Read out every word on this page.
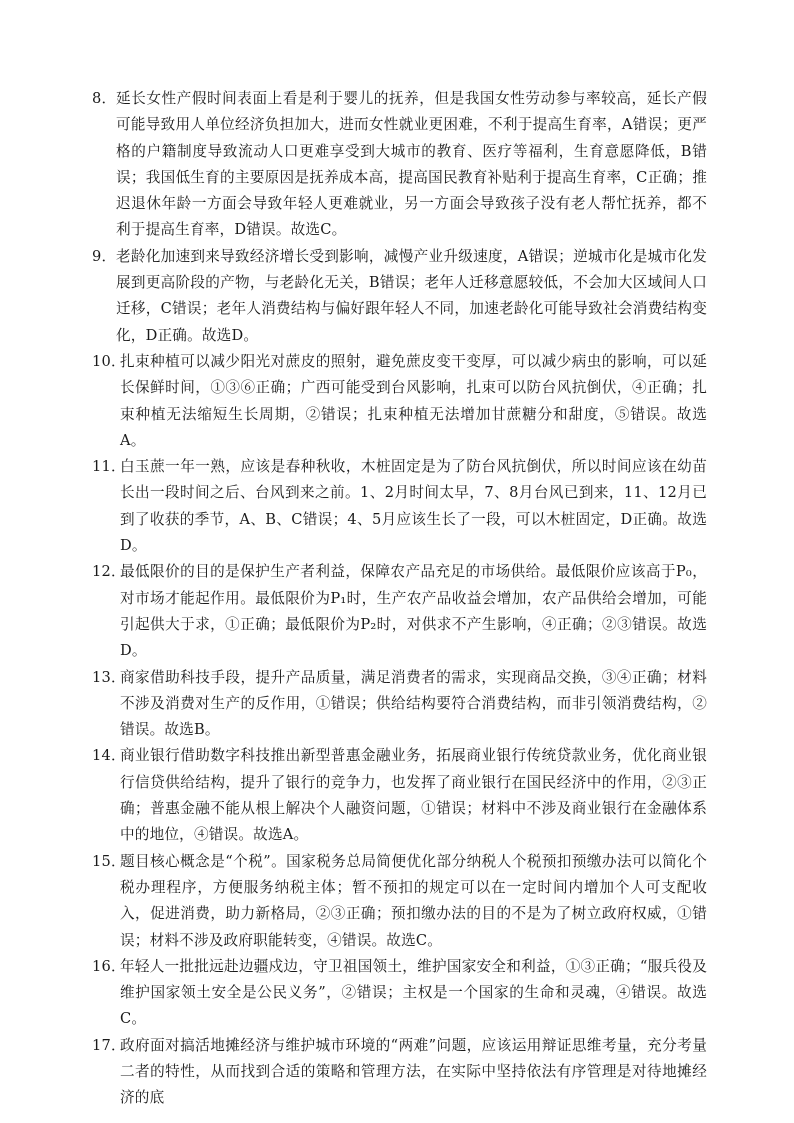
8． 延长女性产假时间表面上看是利于婴儿的抚养，但是我国女性劳动参与率较高，延长产假可能导致用人单位经济负担加大，进而女性就业更困难，不利于提高生育率，A错误；更严格的户籍制度导致流动人口更难享受到大城市的教育、医疗等福利，生育意愿降低，B错误；我国低生育的主要原因是抚养成本高，提高国民教育补贴利于提高生育率，C正确；推迟退休年龄一方面会导致年轻人更难就业，另一方面会导致孩子没有老人帮忙抚养，都不利于提高生育率，D错误。故选C。
9． 老龄化加速到来导致经济增长受到影响，减慢产业升级速度，A错误；逆城市化是城市化发展到更高阶段的产物，与老龄化无关，B错误；老年人迁移意愿较低，不会加大区域间人口迁移，C错误；老年人消费结构与偏好跟年轻人不同，加速老龄化可能导致社会消费结构变化，D正确。故选D。
10．
扎束种植可以减少阳光对蔗皮的照射，避免蔗皮变干变厚，可以减少病虫的影响，可以延长保鲜时间，①③⑥正确；广西可能受到台风影响，扎束可以防台风抗倒伏，④正确；扎束种植无法缩短生长周期，②错误；扎束种植无法增加甘蔗糖分和甜度，⑤错误。故选A。
11．
白玉蔗一年一熟，应该是春种秋收，木桩固定是为了防台风抗倒伏，所以时间应该在幼苗长出一段时间之后、台风到来之前。1、2月时间太早，7、8月台风已到来，11、12月已到了收获的季节，A、B、C错误；4、5月应该生长了一段，可以木桩固定，D正确。故选D。
12．
最低限价的目的是保护生产者利益，保障农产品充足的市场供给。最低限价应该高于P₀，对市场才能起作用。最低限价为P₁时，生产农产品收益会增加，农产品供给会增加，可能引起供大于求，①正确；最低限价为P₂时，对供求不产生影响，④正确；②③错误。故选D。
13．
商家借助科技手段，提升产品质量，满足消费者的需求，实现商品交换，③④正确；材料不涉及消费对生产的反作用，①错误；供给结构要符合消费结构，而非引领消费结构，②错误。故选B。
14．
商业银行借助数字科技推出新型普惠金融业务，拓展商业银行传统贷款业务，优化商业银行信贷供给结构，提升了银行的竞争力，也发挥了商业银行在国民经济中的作用，②③正确；普惠金融不能从根上解决个人融资问题，①错误；材料中不涉及商业银行在金融体系中的地位，④错误。故选A。
15．
题目核心概念是“个税”。国家税务总局简便优化部分纳税人个税预扣预缴办法可以简化个税办理程序，方便服务纳税主体；暂不预扣的规定可以在一定时间内增加个人可支配收入，促进消费，助力新格局，②③正确；预扣缴办法的目的不是为了树立政府权威，①错误；材料不涉及政府职能转变，④错误。故选C。
16．
年轻人一批批远赴边疆戍边，守卫祖国领土，维护国家安全和利益，①③正确；“服兵役及维护国家领土安全是公民义务”，②错误；主权是一个国家的生命和灵魂，④错误。故选C。
17．
政府面对搞活地摊经济与维护城市环境的“两难”问题，应该运用辩证思维考量，充分考量二者的特性，从而找到合适的策略和管理方法，在实际中坚持依法有序管理是对待地摊经济的底
